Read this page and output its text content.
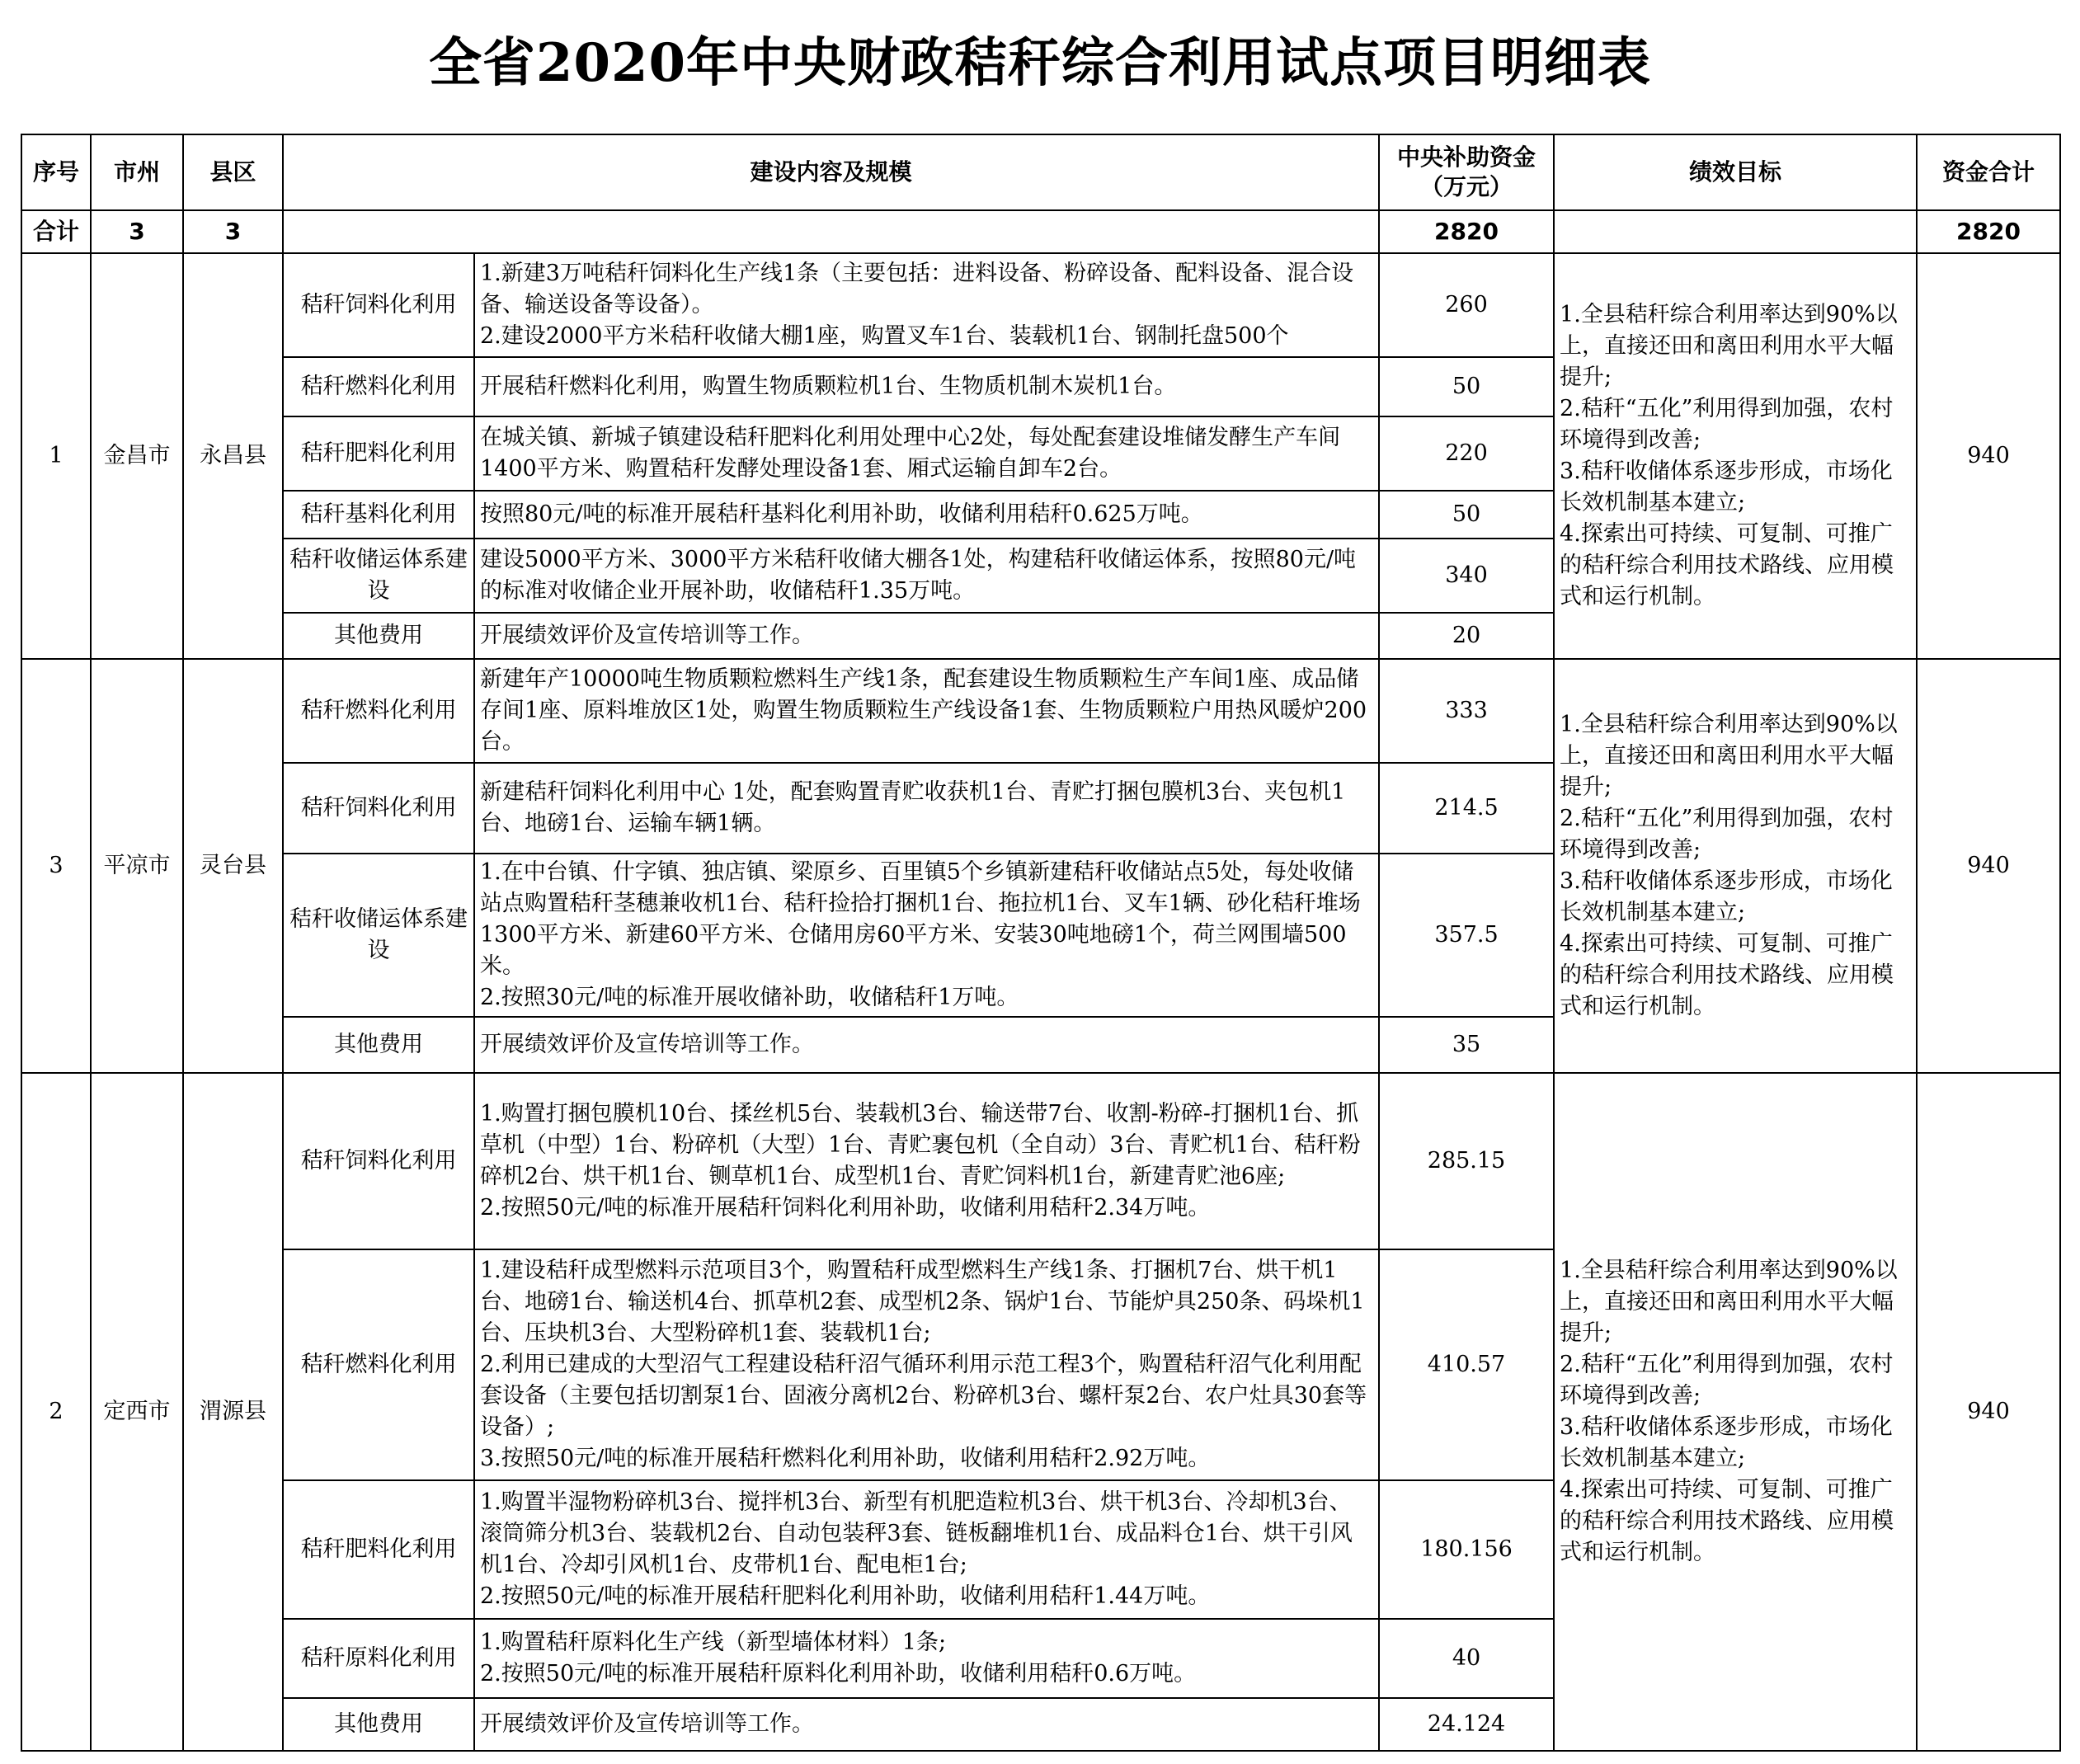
全省2020年中央财政秸秆综合利用试点项目明细表
序号	市州	县区	建设内容及规模		中央补助资金
（万元）	绩效目标	资金合计
合计	3	3			2820		2820
1	金昌市	永昌县	秸秆饲料化利用	1.新建3万吨秸秆饲料化生产线1条（主要包括：进料设备、粉碎设备、配料设备、混合设备、输送设备等设备）。
2.建设2000平方米秸秆收储大棚1座，购置叉车1台、装载机1台、钢制托盘500个	260	1.全县秸秆综合利用率达到90%以上，直接还田和离田利用水平大幅提升;
2.秸秆“五化”利用得到加强，农村环境得到改善;
3.秸秆收储体系逐步形成，市场化长效机制基本建立;
4.探索出可持续、可复制、可推广的秸秆综合利用技术路线、应用模式和运行机制。	940
			秸秆燃料化利用	开展秸秆燃料化利用，购置生物质颗粒机1台、生物质机制木炭机1台。	50		
			秸秆肥料化利用	在城关镇、新城子镇建设秸秆肥料化利用处理中心2处，每处配套建设堆储发酵生产车间1400平方米、购置秸秆发酵处理设备1套、厢式运输自卸车2台。	220		
			秸秆基料化利用	按照80元/吨的标准开展秸秆基料化利用补助，收储利用秸秆0.625万吨。	50		
			秸秆收储运体系建设	建设5000平方米、3000平方米秸秆收储大棚各1处，构建秸秆收储运体系，按照80元/吨的标准对收储企业开展补助，收储秸秆1.35万吨。	340		
			其他费用	开展绩效评价及宣传培训等工作。	20		
3	平凉市	灵台县	秸秆燃料化利用	新建年产10000吨生物质颗粒燃料生产线1条，配套建设生物质颗粒生产车间1座、成品储存间1座、原料堆放区1处，购置生物质颗粒生产线设备1套、生物质颗粒户用热风暖炉200台。	333	1.全县秸秆综合利用率达到90%以上，直接还田和离田利用水平大幅提升;
2.秸秆“五化”利用得到加强，农村环境得到改善;
3.秸秆收储体系逐步形成，市场化长效机制基本建立;
4.探索出可持续、可复制、可推广的秸秆综合利用技术路线、应用模式和运行机制。	940
			秸秆饲料化利用	新建秸秆饲料化利用中心 1处，配套购置青贮收获机1台、青贮打捆包膜机3台、夹包机1台、地磅1台、运输车辆1辆。	214.5		
			秸秆收储运体系建设	1.在中台镇、什字镇、独店镇、梁原乡、百里镇5个乡镇新建秸秆收储站点5处，每处收储站点购置秸秆茎穗兼收机1台、秸秆捡拾打捆机1台、拖拉机1台、叉车1辆、砂化秸秆堆场1300平方米、新建60平方米、仓储用房60平方米、安装30吨地磅1个，荷兰网围墙500米。
2.按照30元/吨的标准开展收储补助，收储秸秆1万吨。	357.5		
			其他费用	开展绩效评价及宣传培训等工作。	35		
2	定西市	渭源县	秸秆饲料化利用	1.购置打捆包膜机10台、揉丝机5台、装载机3台、输送带7台、收割-粉碎-打捆机1台、抓草机（中型）1台、粉碎机（大型）1台、青贮裹包机（全自动）3台、青贮机1台、秸秆粉碎机2台、烘干机1台、铡草机1台、成型机1台、青贮饲料机1台，新建青贮池6座;
2.按照50元/吨的标准开展秸秆饲料化利用补助，收储利用秸秆2.34万吨。	285.15	1.全县秸秆综合利用率达到90%以上，直接还田和离田利用水平大幅提升;
2.秸秆“五化”利用得到加强，农村环境得到改善;
3.秸秆收储体系逐步形成，市场化长效机制基本建立;
4.探索出可持续、可复制、可推广的秸秆综合利用技术路线、应用模式和运行机制。	940
			秸秆燃料化利用	1.建设秸秆成型燃料示范项目3个，购置秸秆成型燃料生产线1条、打捆机7台、烘干机1台、地磅1台、输送机4台、抓草机2套、成型机2条、锅炉1台、节能炉具250条、码垛机1台、压块机3台、大型粉碎机1套、装载机1台;
2.利用已建成的大型沼气工程建设秸秆沼气循环利用示范工程3个，购置秸秆沼气化利用配套设备（主要包括切割泵1台、固液分离机2台、粉碎机3台、螺杆泵2台、农户灶具30套等设备）;
3.按照50元/吨的标准开展秸秆燃料化利用补助，收储利用秸秆2.92万吨。	410.57		
			秸秆肥料化利用	1.购置半湿物粉碎机3台、搅拌机3台、新型有机肥造粒机3台、烘干机3台、冷却机3台、滚筒筛分机3台、装载机2台、自动包装秤3套、链板翻堆机1台、成品料仓1台、烘干引风机1台、冷却引风机1台、皮带机1台、配电柜1台;
2.按照50元/吨的标准开展秸秆肥料化利用补助，收储利用秸秆1.44万吨。	180.156		
			秸秆原料化利用	1.购置秸秆原料化生产线（新型墙体材料）1条;
2.按照50元/吨的标准开展秸秆原料化利用补助，收储利用秸秆0.6万吨。	40		
			其他费用	开展绩效评价及宣传培训等工作。	24.124		
